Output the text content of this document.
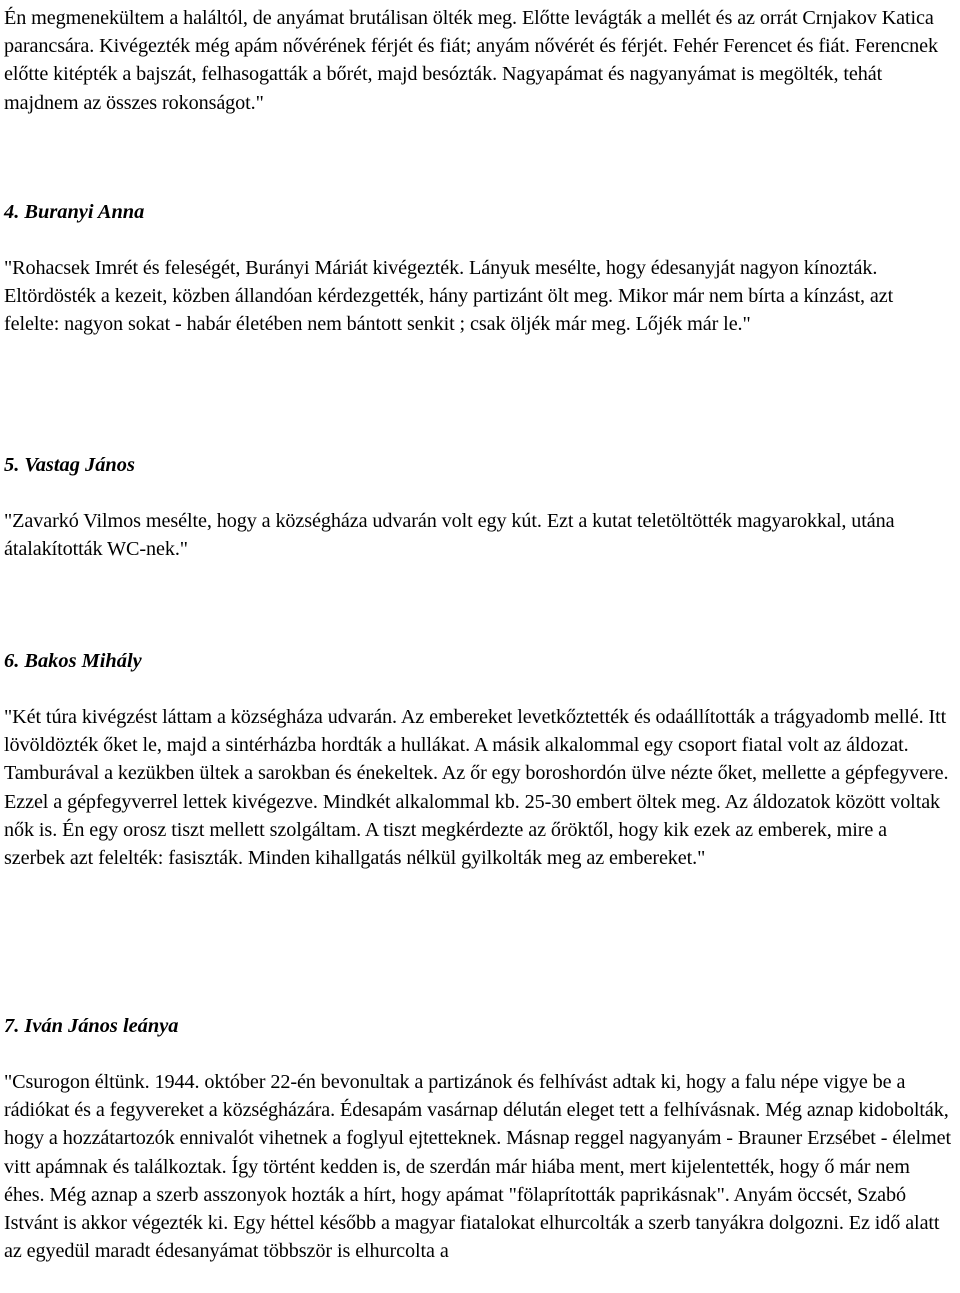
Én megmenekültem a haláltól, de anyámat brutálisan ölték meg. Előtte levágták a mellét és az orrát Crnjakov Katica parancsára. Kivégezték még apám nővérének férjét és fiát; anyám nővérét és férjét. Fehér Ferencet és fiát. Ferencnek előtte kitépték a bajszát, felhasogatták a bőrét, majd besózták. Nagyapámat és nagyanyámat is megölték, tehát majdnem az összes rokonságot."

4. Buranyi Anna

"Rohacsek Imrét és feleségét, Burányi Máriát kivégezték. Lányuk mesélte, hogy édesanyját nagyon kínozták. Eltördösték a kezeit, közben állandóan kérdezgették, hány partizánt ölt meg. Mikor már nem bírta a kínzást, azt felelte: nagyon sokat - habár életében nem bántott senkit ; csak öljék már meg. Lőjék már le."

5. Vastag János

"Zavarkó Vilmos mesélte, hogy a községháza udvarán volt egy kút. Ezt a kutat teletöltötték magyarokkal, utána átalakították WC-nek."

6. Bakos Mihály

"Két túra kivégzést láttam a községháza udvarán. Az embereket levetkőztették és odaállították a trágyadomb mellé. Itt lövöldözték őket le, majd a sintérházba hordták a hullákat. A másik alkalommal egy csoport fiatal volt az áldozat. Tamburával a kezükben ültek a sarokban és énekeltek. Az őr egy boroshordón ülve nézte őket, mellette a gépfegyvere. Ezzel a gépfegyverrel lettek kivégezve. Mindkét alkalommal kb. 25-30 embert öltek meg. Az áldozatok között voltak nők is. Én egy orosz tiszt mellett szolgáltam. A tiszt megkérdezte az őröktől, hogy kik ezek az emberek, mire a szerbek azt felelték: fasiszták. Minden kihallgatás nélkül gyilkolták meg az embereket."

7. Iván János leánya

"Csurogon éltünk. 1944. október 22-én bevonultak a partizánok és felhívást adtak ki, hogy a falu népe vigye be a rádiókat és a fegyvereket a községházára. Édesapám vasárnap délután eleget tett a felhívásnak. Még aznap kidobolták, hogy a hozzátartozók ennivalót vihetnek a foglyul ejtetteknek. Másnap reggel nagyanyám - Brauner Erzsébet - élelmet vitt apámnak és találkoztak. Így történt kedden is, de szerdán már hiába ment, mert kijelentették, hogy ő már nem éhes. Még aznap a szerb asszonyok hozták a hírt, hogy apámat "fölaprították paprikásnak". Anyám öccsét, Szabó Istvánt is akkor végezték ki. Egy héttel később a magyar fiatalokat elhurcolták a szerb tanyákra dolgozni. Ez idő alatt az egyedül maradt édesanyámat többször is elhurcolta a
